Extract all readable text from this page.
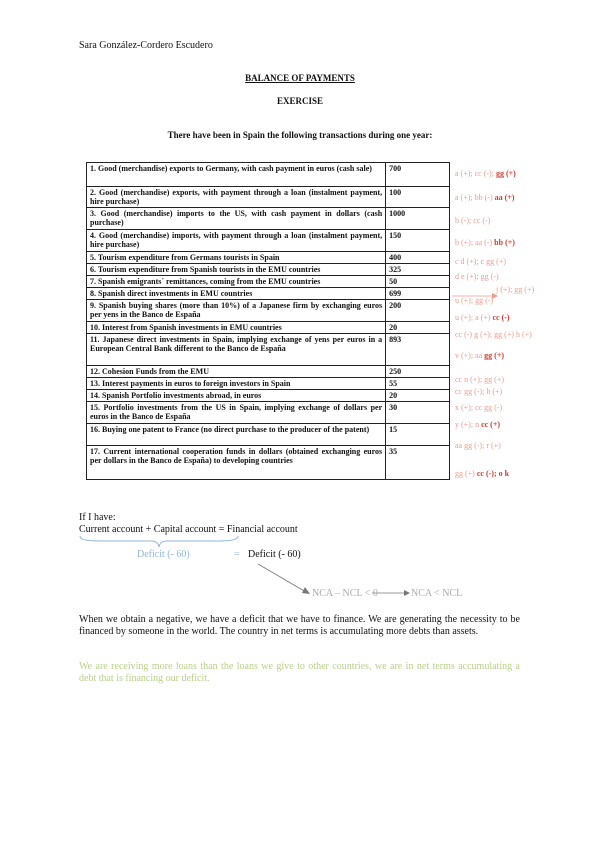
Sara González-Cordero Escudero
BALANCE OF PAYMENTS
EXERCISE
There have been in Spain the following transactions during one year:
1. Good (merchandise) exports to Germany, with cash payment in euros (cash sale)	700
2. Good (merchandise) exports, with payment through a loan (instalment payment, hire purchase)	100
3. Good (merchandise) imports to the US, with cash payment in dollars (cash purchase)	1000
4. Good (merchandise) imports, with payment through a loan (instalment payment, hire purchase)	150
5. Tourism expenditure from Germans tourists in Spain	400
6. Tourism expenditure from Spanish tourists in the EMU countries	325
7. Spanish emigrants´ remittances, coming from the EMU countries	50
8. Spanish direct investments in EMU countries	699
9. Spanish buying shares (more than 10%) of a Japanese firm by exchanging euros per yens in the Banco de España	200
10. Interest from Spanish investments in EMU countries	20
11. Japanese direct investments in Spain, implying exchange of yens per euros in a European Central Bank different to the Banco de España	893
12. Cohesion Funds from the EMU	250
13. Interest payments in euros to foreign investors in Spain	55
14. Spanish Portfolio investments abroad, in euros	20
15. Portfolio investments from the US in Spain, implying exchange of dollars per euros in the Banco de España	30
16. Buying one patent to France (no direct purchase to the producer of the patent)	15
17. Current international cooperation funds in dollars (obtained exchanging euros per dollars in the Banco de España) to developing countries	35
a (+); cc (-); gg (+)
a (+); bb (-) aa (+)
b (-); cc (-)
b (+); aa (-) bb (+)
c d (+); c gg (+)
d e (+); gg (-)
j (+); gg (+)
u (+); gg (-)
u (+); a (+) cc (-)
cc (-) g (+); gg (+) h (+)
v (+); aa gg (+)
cc n (+); gg (+)
cc gg (-); h (+)
x (+); cc gg (-)
y (+); n cc (+)
aa gg (-); r (+)
gg (+) cc (-); o k
If I have:
Current account + Capital account = Financial account
Deficit (- 60)	= Deficit (- 60)
NCA – NCL < 0	NCA < NCL
When we obtain a negative, we have a deficit that we have to finance. We are generating the necessity to be financed by someone in the world. The country in net terms is accumulating more debts than assets.
We are receiving more loans than the loans we give to other countries, we are in net terms accumulating a debt that is financing our deficit.
